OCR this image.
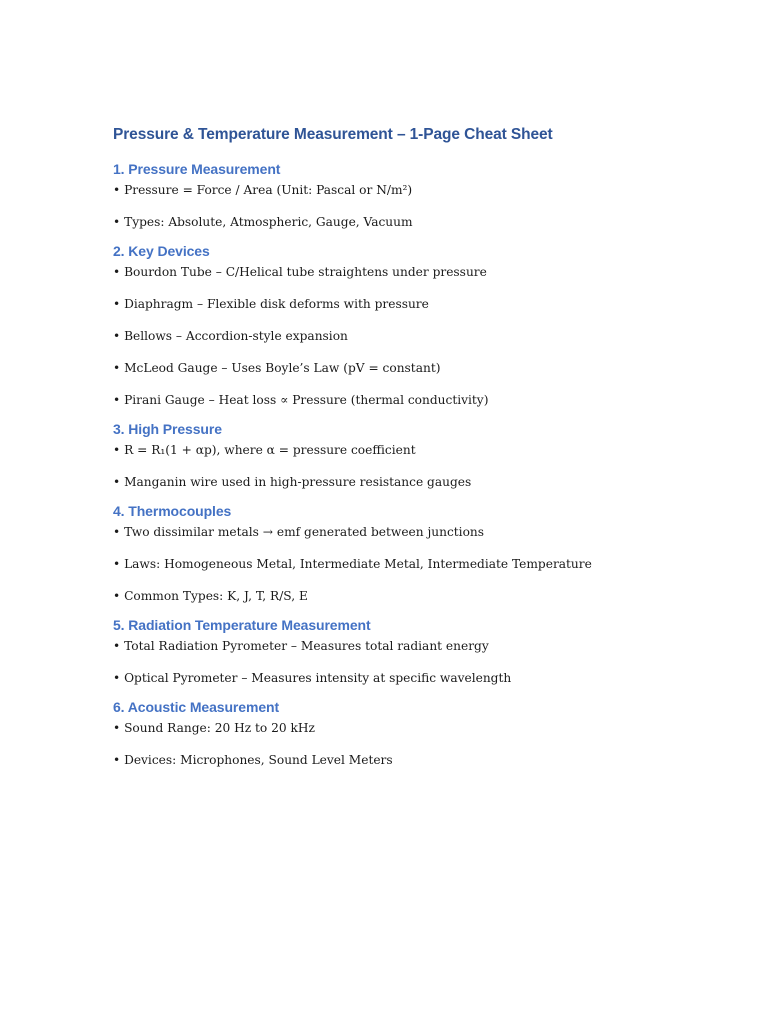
Pressure & Temperature Measurement – 1-Page Cheat Sheet
1. Pressure Measurement

• Pressure = Force / Area (Unit: Pascal or N/m²)

• Types: Absolute, Atmospheric, Gauge, Vacuum

2. Key Devices

• Bourdon Tube – C/Helical tube straightens under pressure

• Diaphragm – Flexible disk deforms with pressure

• Bellows – Accordion-style expansion

• McLeod Gauge – Uses Boyle’s Law (pV = constant)

• Pirani Gauge – Heat loss ∝ Pressure (thermal conductivity)

3. High Pressure

• R = R₁(1 + αp), where α = pressure coefficient

• Manganin wire used in high-pressure resistance gauges

4. Thermocouples

• Two dissimilar metals → emf generated between junctions

• Laws: Homogeneous Metal, Intermediate Metal, Intermediate Temperature

• Common Types: K, J, T, R/S, E

5. Radiation Temperature Measurement

• Total Radiation Pyrometer – Measures total radiant energy

• Optical Pyrometer – Measures intensity at specific wavelength

6. Acoustic Measurement

• Sound Range: 20 Hz to 20 kHz

• Devices: Microphones, Sound Level Meters
